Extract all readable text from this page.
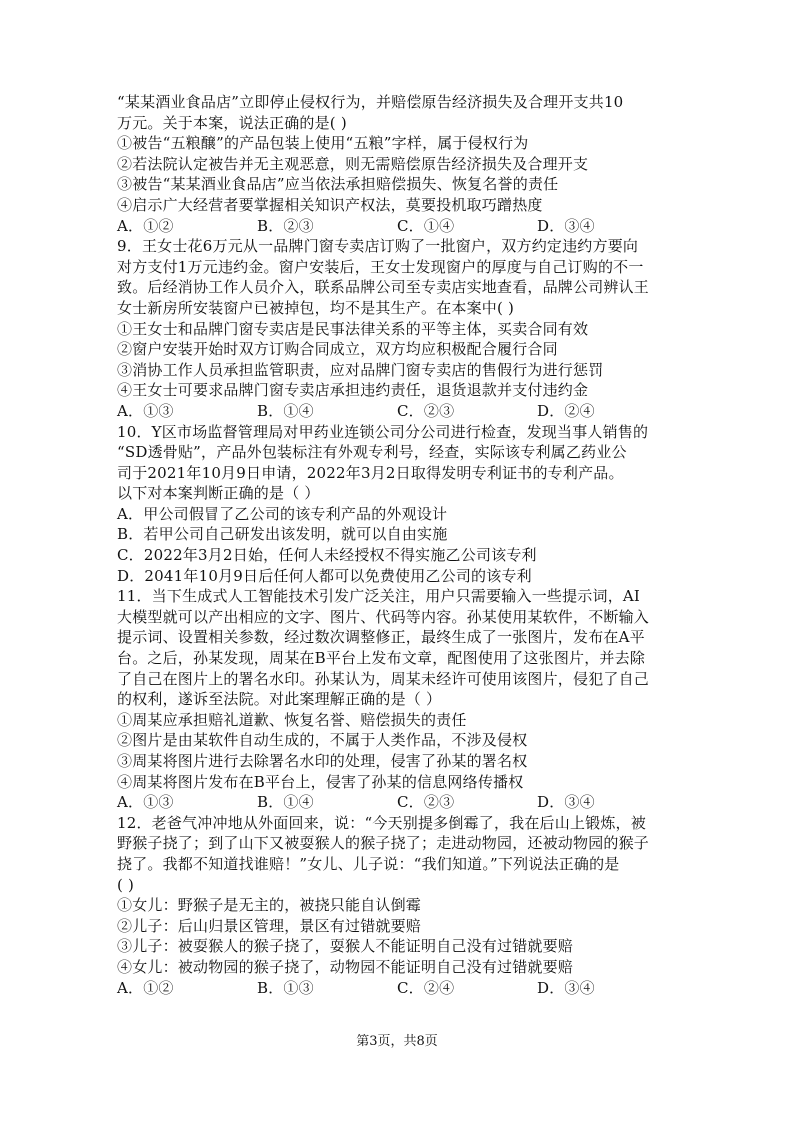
“某某酒业食品店”立即停止侵权行为，并赔偿原告经济损失及合理开支共10
万元。关于本案，说法正确的是( )
①被告“五粮醸”的产品包装上使用“五粮”字样，属于侵权行为
②若法院认定被告并无主观恶意，则无需赔偿原告经济损失及合理开支
③被告“某某酒业食品店”应当依法承担赔偿损失、恢复名誉的责任
④启示广大经营者要掌握相关知识产权法，莫要投机取巧蹭热度
A．①②	B．②③	C．①④	D．③④
9．王女士花6万元从一品牌门窗专卖店订购了一批窗户，双方约定违约方要向
对方支付1万元违约金。窗户安装后，王女士发现窗户的厚度与自己订购的不一
致。后经消协工作人员介入，联系品牌公司至专卖店实地查看，品牌公司辨认王
女士新房所安装窗户已被掉包，均不是其生产。在本案中( )
①王女士和品牌门窗专卖店是民事法律关系的平等主体，买卖合同有效
②窗户安装开始时双方订购合同成立，双方均应积极配合履行合同
③消协工作人员承担监管职责，应对品牌门窗专卖店的售假行为进行惩罚
④王女士可要求品牌门窗专卖店承担违约责任，退货退款并支付违约金
A．①③	B．①④	C．②③	D．②④
10．Y区市场监督管理局对甲药业连锁公司分公司进行检查，发现当事人销售的
“SD透骨贴”，产品外包装标注有外观专利号，经查，实际该专利属乙药业公
司于2021年10月9日申请，2022年3月2日取得发明专利证书的专利产品。
以下对本案判断正确的是（ ）
A．甲公司假冒了乙公司的该专利产品的外观设计
B．若甲公司自己研发出该发明，就可以自由实施
C．2022年3月2日始，任何人未经授权不得实施乙公司该专利
D．2041年10月9日后任何人都可以免费使用乙公司的该专利
11．当下生成式人工智能技术引发广泛关注，用户只需要输入一些提示词，AI
大模型就可以产出相应的文字、图片、代码等内容。孙某使用某软件，不断输入
提示词、设置相关参数，经过数次调整修正，最终生成了一张图片，发布在A平
台。之后，孙某发现，周某在B平台上发布文章，配图使用了这张图片，并去除
了自己在图片上的署名水印。孙某认为，周某未经许可使用该图片，侵犯了自己
的权利，遂诉至法院。对此案理解正确的是（ ）
①周某应承担赔礼道歉、恢复名誉、赔偿损失的责任
②图片是由某软件自动生成的，不属于人类作品，不涉及侵权
③周某将图片进行去除署名水印的处理，侵害了孙某的署名权
④周某将图片发布在B平台上，侵害了孙某的信息网络传播权
A．①③	B．①④	C．②③	D．③④
12．老爸气冲冲地从外面回来，说：“今天别提多倒霉了，我在后山上锻炼，被
野猴子挠了；到了山下又被耍猴人的猴子挠了；走进动物园，还被动物园的猴子
挠了。我都不知道找谁赔！”女儿、儿子说：“我们知道。”下列说法正确的是
( )
①女儿：野猴子是无主的，被挠只能自认倒霉
②儿子：后山归景区管理，景区有过错就要赔
③儿子：被耍猴人的猴子挠了，耍猴人不能证明自己没有过错就要赔
④女儿：被动物园的猴子挠了，动物园不能证明自己没有过错就要赔
A．①②	B．①③	C．②④	D．③④
第3页，共8页
